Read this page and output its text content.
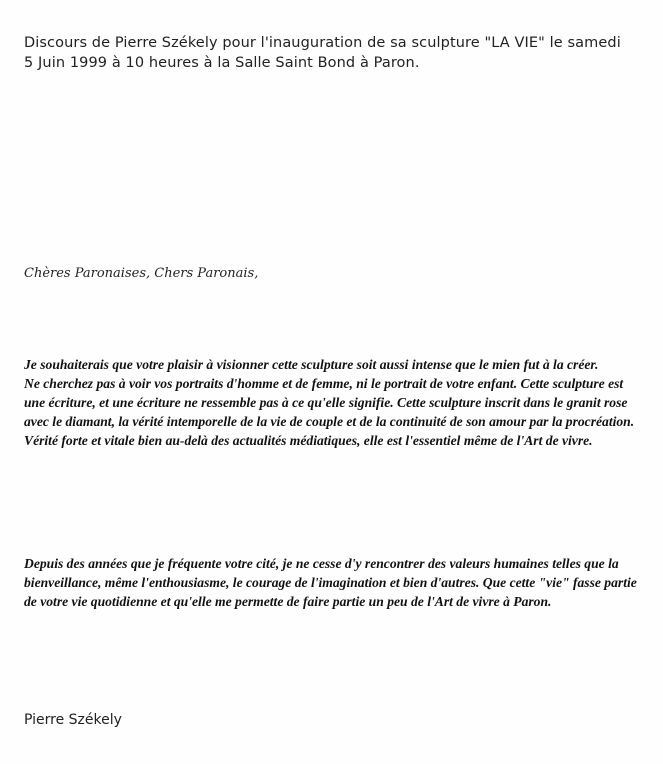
Discours de Pierre Székely pour l'inauguration de sa sculpture "LA VIE" le samedi 5 Juin 1999 à 10 heures à la Salle Saint Bond à Paron.
Chères Paronaises, Chers Paronais,

Je souhaiterais que votre plaisir à visionner cette sculpture soit aussi intense que le mien fut à la créer.

Ne cherchez pas à voir vos portraits d'homme et de femme, ni le portrait de votre enfant. Cette sculpture est une écriture, et une écriture ne ressemble pas à ce qu'elle signifie. Cette sculpture inscrit dans le granit rose avec le diamant, la vérité intemporelle de la vie de couple et de la continuité de son amour par la procréation. Vérité forte et vitale bien au-delà des actualités médiatiques, elle est l'essentiel même de l'Art de vivre.

Depuis des années que je fréquente votre cité, je ne cesse d'y rencontrer des valeurs humaines telles que la bienveillance, même l'enthousiasme, le courage de l'imagination et bien d'autres. Que cette "vie" fasse partie de votre vie quotidienne et qu'elle me permette de faire partie un peu de l'Art de vivre à Paron.

Pierre Székely
